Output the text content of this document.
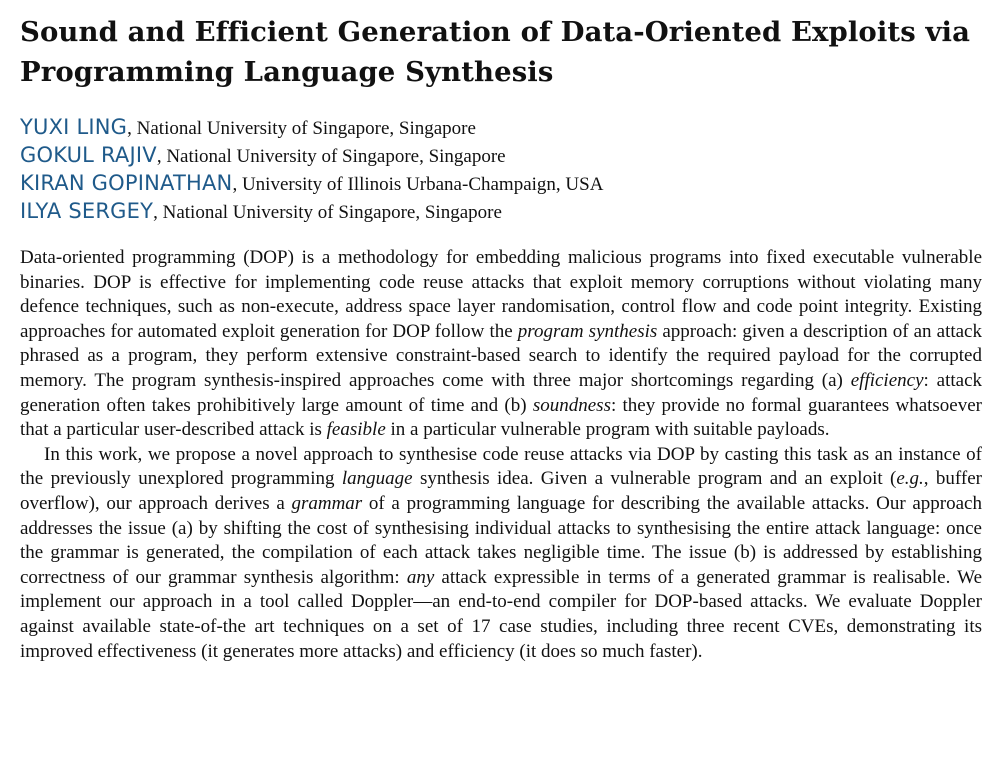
Sound and Efficient Generation of Data-Oriented Exploits via Programming Language Synthesis
YUXI LING, National University of Singapore, Singapore
GOKUL RAJIV, National University of Singapore, Singapore
KIRAN GOPINATHAN, University of Illinois Urbana-Champaign, USA
ILYA SERGEY, National University of Singapore, Singapore

Data-oriented programming (DOP) is a methodology for embedding malicious programs into fixed executable vulnerable binaries. DOP is effective for implementing code reuse attacks that exploit memory corruptions without violating many defence techniques, such as non-execute, address space layer randomisation, control flow and code point integrity. Existing approaches for automated exploit generation for DOP follow the program synthesis approach: given a description of an attack phrased as a program, they perform extensive constraint-based search to identify the required payload for the corrupted memory. The program synthesis-inspired approaches come with three major shortcomings regarding (a) efficiency: attack generation often takes prohibitively large amount of time and (b) soundness: they provide no formal guarantees whatsoever that a particular user-described attack is feasible in a particular vulnerable program with suitable payloads.

In this work, we propose a novel approach to synthesise code reuse attacks via DOP by casting this task as an instance of the previously unexplored programming language synthesis idea. Given a vulnerable program and an exploit (e.g., buffer overflow), our approach derives a grammar of a programming language for describing the available attacks. Our approach addresses the issue (a) by shifting the cost of synthesising individual attacks to synthesising the entire attack language: once the grammar is generated, the compilation of each attack takes negligible time. The issue (b) is addressed by establishing correctness of our grammar synthesis algorithm: any attack expressible in terms of a generated grammar is realisable. We implement our approach in a tool called Doppler—an end-to-end compiler for DOP-based attacks. We evaluate Doppler against available state-of-the art techniques on a set of 17 case studies, including three recent CVEs, demonstrating its improved effectiveness (it generates more attacks) and efficiency (it does so much faster).
